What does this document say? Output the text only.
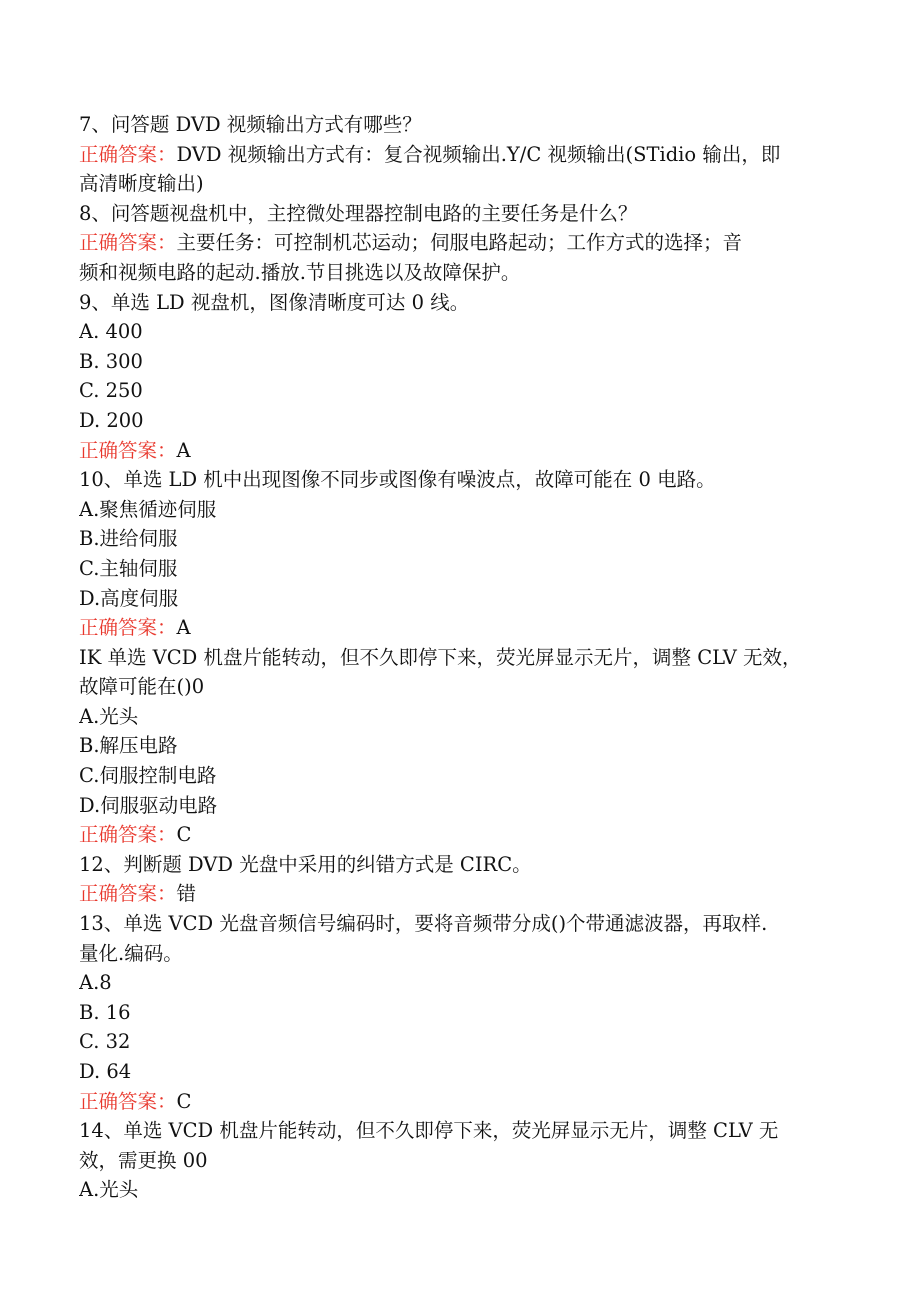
7、问答题 DVD 视频输出方式有哪些？
正确答案：DVD 视频输出方式有：复合视频输出.Y/C 视频输出(STidio 输出，即
高清晰度输出)
8、问答题视盘机中，主控微处理器控制电路的主要任务是什么？
正确答案：主要任务：可控制机芯运动；伺服电路起动；工作方式的选择；音
频和视频电路的起动.播放.节目挑选以及故障保护。
9、单选 LD 视盘机，图像清晰度可达 0 线。
A. 400
B. 300
C. 250
D. 200
正确答案：A
10、单选 LD 机中出现图像不同步或图像有噪波点，故障可能在 0 电路。
A.聚焦循迹伺服
B.进给伺服
C.主轴伺服
D.高度伺服
正确答案：A
IK 单选 VCD 机盘片能转动，但不久即停下来，荧光屏显示无片，调整 CLV 无效，
故障可能在()0
A.光头
B.解压电路
C.伺服控制电路
D.伺服驱动电路
正确答案：C
12、判断题 DVD 光盘中采用的纠错方式是 CIRC。
正确答案：错
13、单选 VCD 光盘音频信号编码时，要将音频带分成()个带通滤波器，再取样.
量化.编码。
A.8
B. 16
C. 32
D. 64
正确答案：C
14、单选 VCD 机盘片能转动，但不久即停下来，荧光屏显示无片，调整 CLV 无
效，需更换 00
A.光头
